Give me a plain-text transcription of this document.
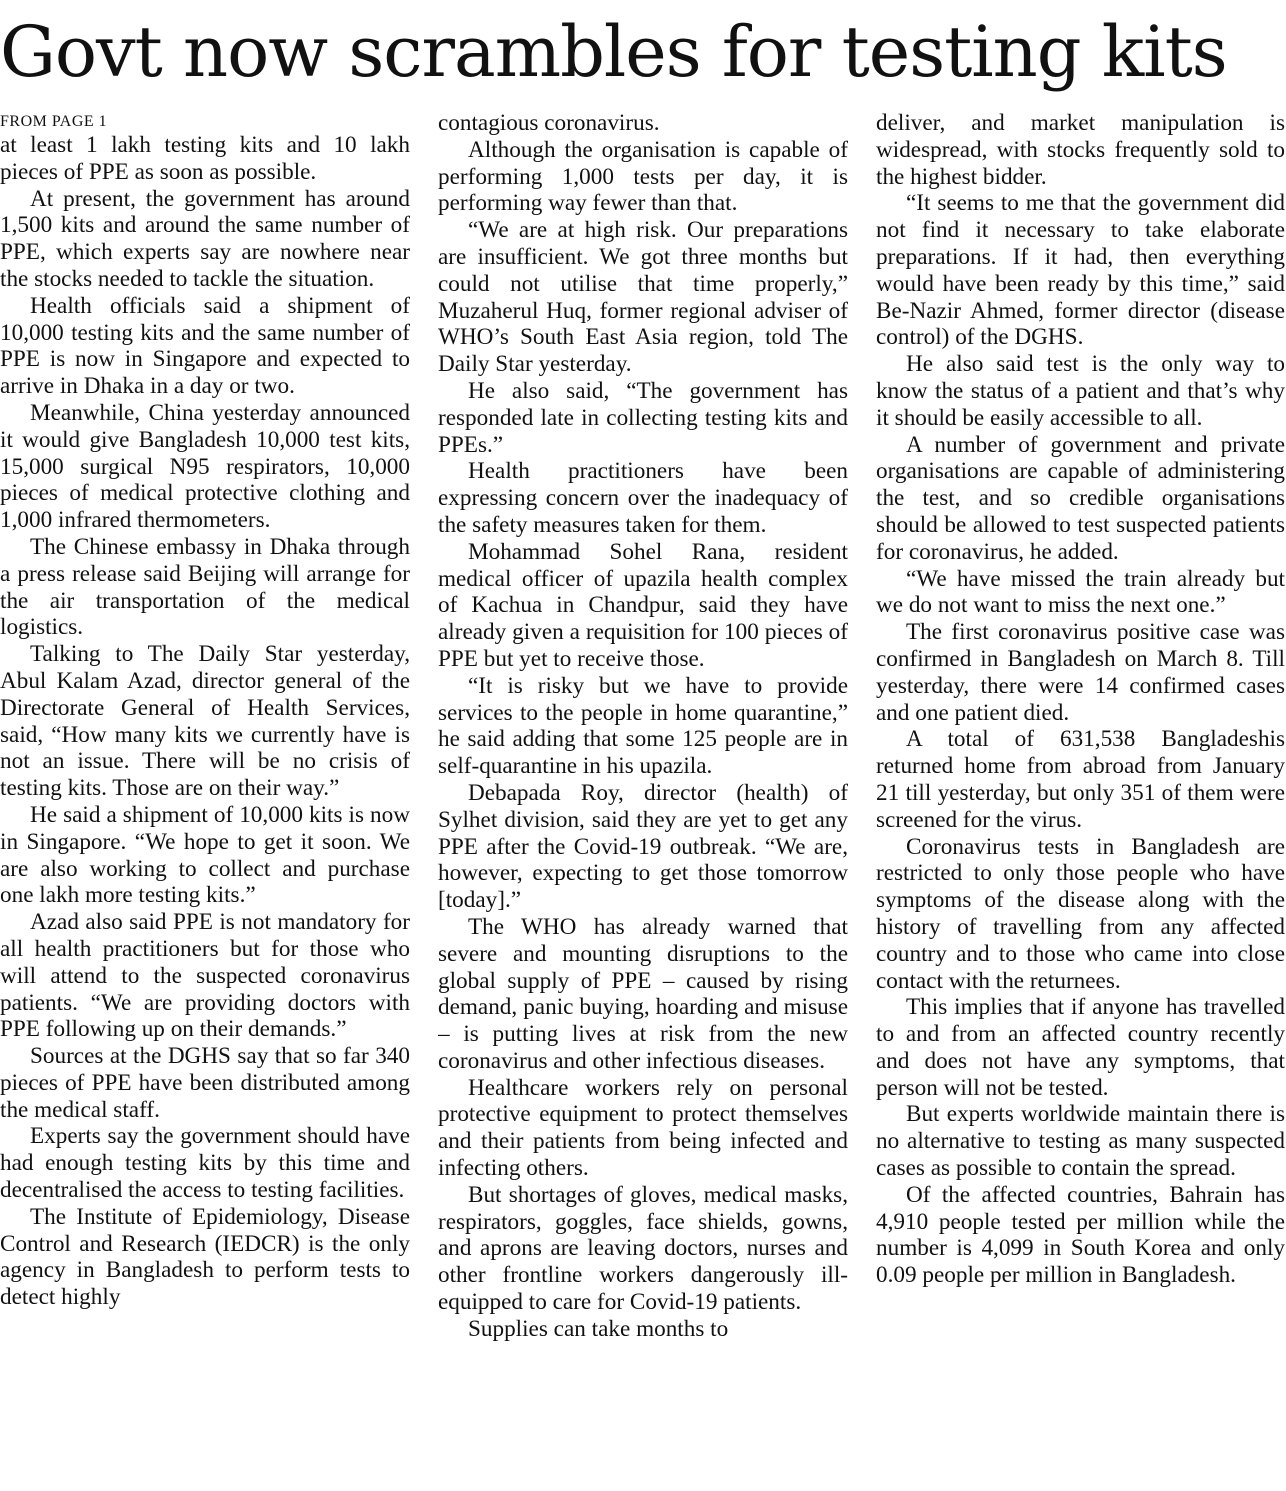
Govt now scrambles for testing kits
FROM PAGE 1

at least 1 lakh testing kits and 10 lakh pieces of PPE as soon as possible.

At present, the government has around 1,500 kits and around the same number of PPE, which experts say are nowhere near the stocks needed to tackle the situation.

Health officials said a shipment of 10,000 testing kits and the same number of PPE is now in Singapore and expected to arrive in Dhaka in a day or two.

Meanwhile, China yesterday announced it would give Bangladesh 10,000 test kits, 15,000 surgical N95 respirators, 10,000 pieces of medical protective clothing and 1,000 infrared thermometers.

The Chinese embassy in Dhaka through a press release said Beijing will arrange for the air transportation of the medical logistics.

Talking to The Daily Star yesterday, Abul Kalam Azad, director general of the Directorate General of Health Services, said, “How many kits we currently have is not an issue. There will be no crisis of testing kits. Those are on their way.”

He said a shipment of 10,000 kits is now in Singapore. “We hope to get it soon. We are also working to collect and purchase one lakh more testing kits.”

Azad also said PPE is not mandatory for all health practitioners but for those who will attend to the suspected coronavirus patients. “We are providing doctors with PPE following up on their demands.”

Sources at the DGHS say that so far 340 pieces of PPE have been distributed among the medical staff.

Experts say the government should have had enough testing kits by this time and decentralised the access to testing facilities.

The Institute of Epidemiology, Disease Control and Research (IEDCR) is the only agency in Bangladesh to perform tests to detect highly

contagious coronavirus.

Although the organisation is capable of performing 1,000 tests per day, it is performing way fewer than that.

“We are at high risk. Our preparations are insufficient. We got three months but could not utilise that time properly,” Muzaherul Huq, former regional adviser of WHO’s South East Asia region, told The Daily Star yesterday.

He also said, “The government has responded late in collecting testing kits and PPEs.”

Health practitioners have been expressing concern over the inadequacy of the safety measures taken for them.

Mohammad Sohel Rana, resident medical officer of upazila health complex of Kachua in Chandpur, said they have already given a requisition for 100 pieces of PPE but yet to receive those.

“It is risky but we have to provide services to the people in home quarantine,” he said adding that some 125 people are in self-quarantine in his upazila.

Debapada Roy, director (health) of Sylhet division, said they are yet to get any PPE after the Covid-19 outbreak. “We are, however, expecting to get those tomorrow [today].”

The WHO has already warned that severe and mounting disruptions to the global supply of PPE – caused by rising demand, panic buying, hoarding and misuse – is putting lives at risk from the new coronavirus and other infectious diseases.

Healthcare workers rely on personal protective equipment to protect themselves and their patients from being infected and infecting others.

But shortages of gloves, medical masks, respirators, goggles, face shields, gowns, and aprons are leaving doctors, nurses and other frontline workers dangerously ill-equipped to care for Covid-19 patients.

Supplies can take months to

deliver, and market manipulation is widespread, with stocks frequently sold to the highest bidder.

“It seems to me that the government did not find it necessary to take elaborate preparations. If it had, then everything would have been ready by this time,” said Be-Nazir Ahmed, former director (disease control) of the DGHS.

He also said test is the only way to know the status of a patient and that’s why it should be easily accessible to all.

A number of government and private organisations are capable of administering the test, and so credible organisations should be allowed to test suspected patients for coronavirus, he added.

“We have missed the train already but we do not want to miss the next one.”

The first coronavirus positive case was confirmed in Bangladesh on March 8. Till yesterday, there were 14 confirmed cases and one patient died.

A total of 631,538 Bangladeshis returned home from abroad from January 21 till yesterday, but only 351 of them were screened for the virus.

Coronavirus tests in Bangladesh are restricted to only those people who have symptoms of the disease along with the history of travelling from any affected country and to those who came into close contact with the returnees.

This implies that if anyone has travelled to and from an affected country recently and does not have any symptoms, that person will not be tested.

But experts worldwide maintain there is no alternative to testing as many suspected cases as possible to contain the spread.

Of the affected countries, Bahrain has 4,910 people tested per million while the number is 4,099 in South Korea and only 0.09 people per million in Bangladesh.
